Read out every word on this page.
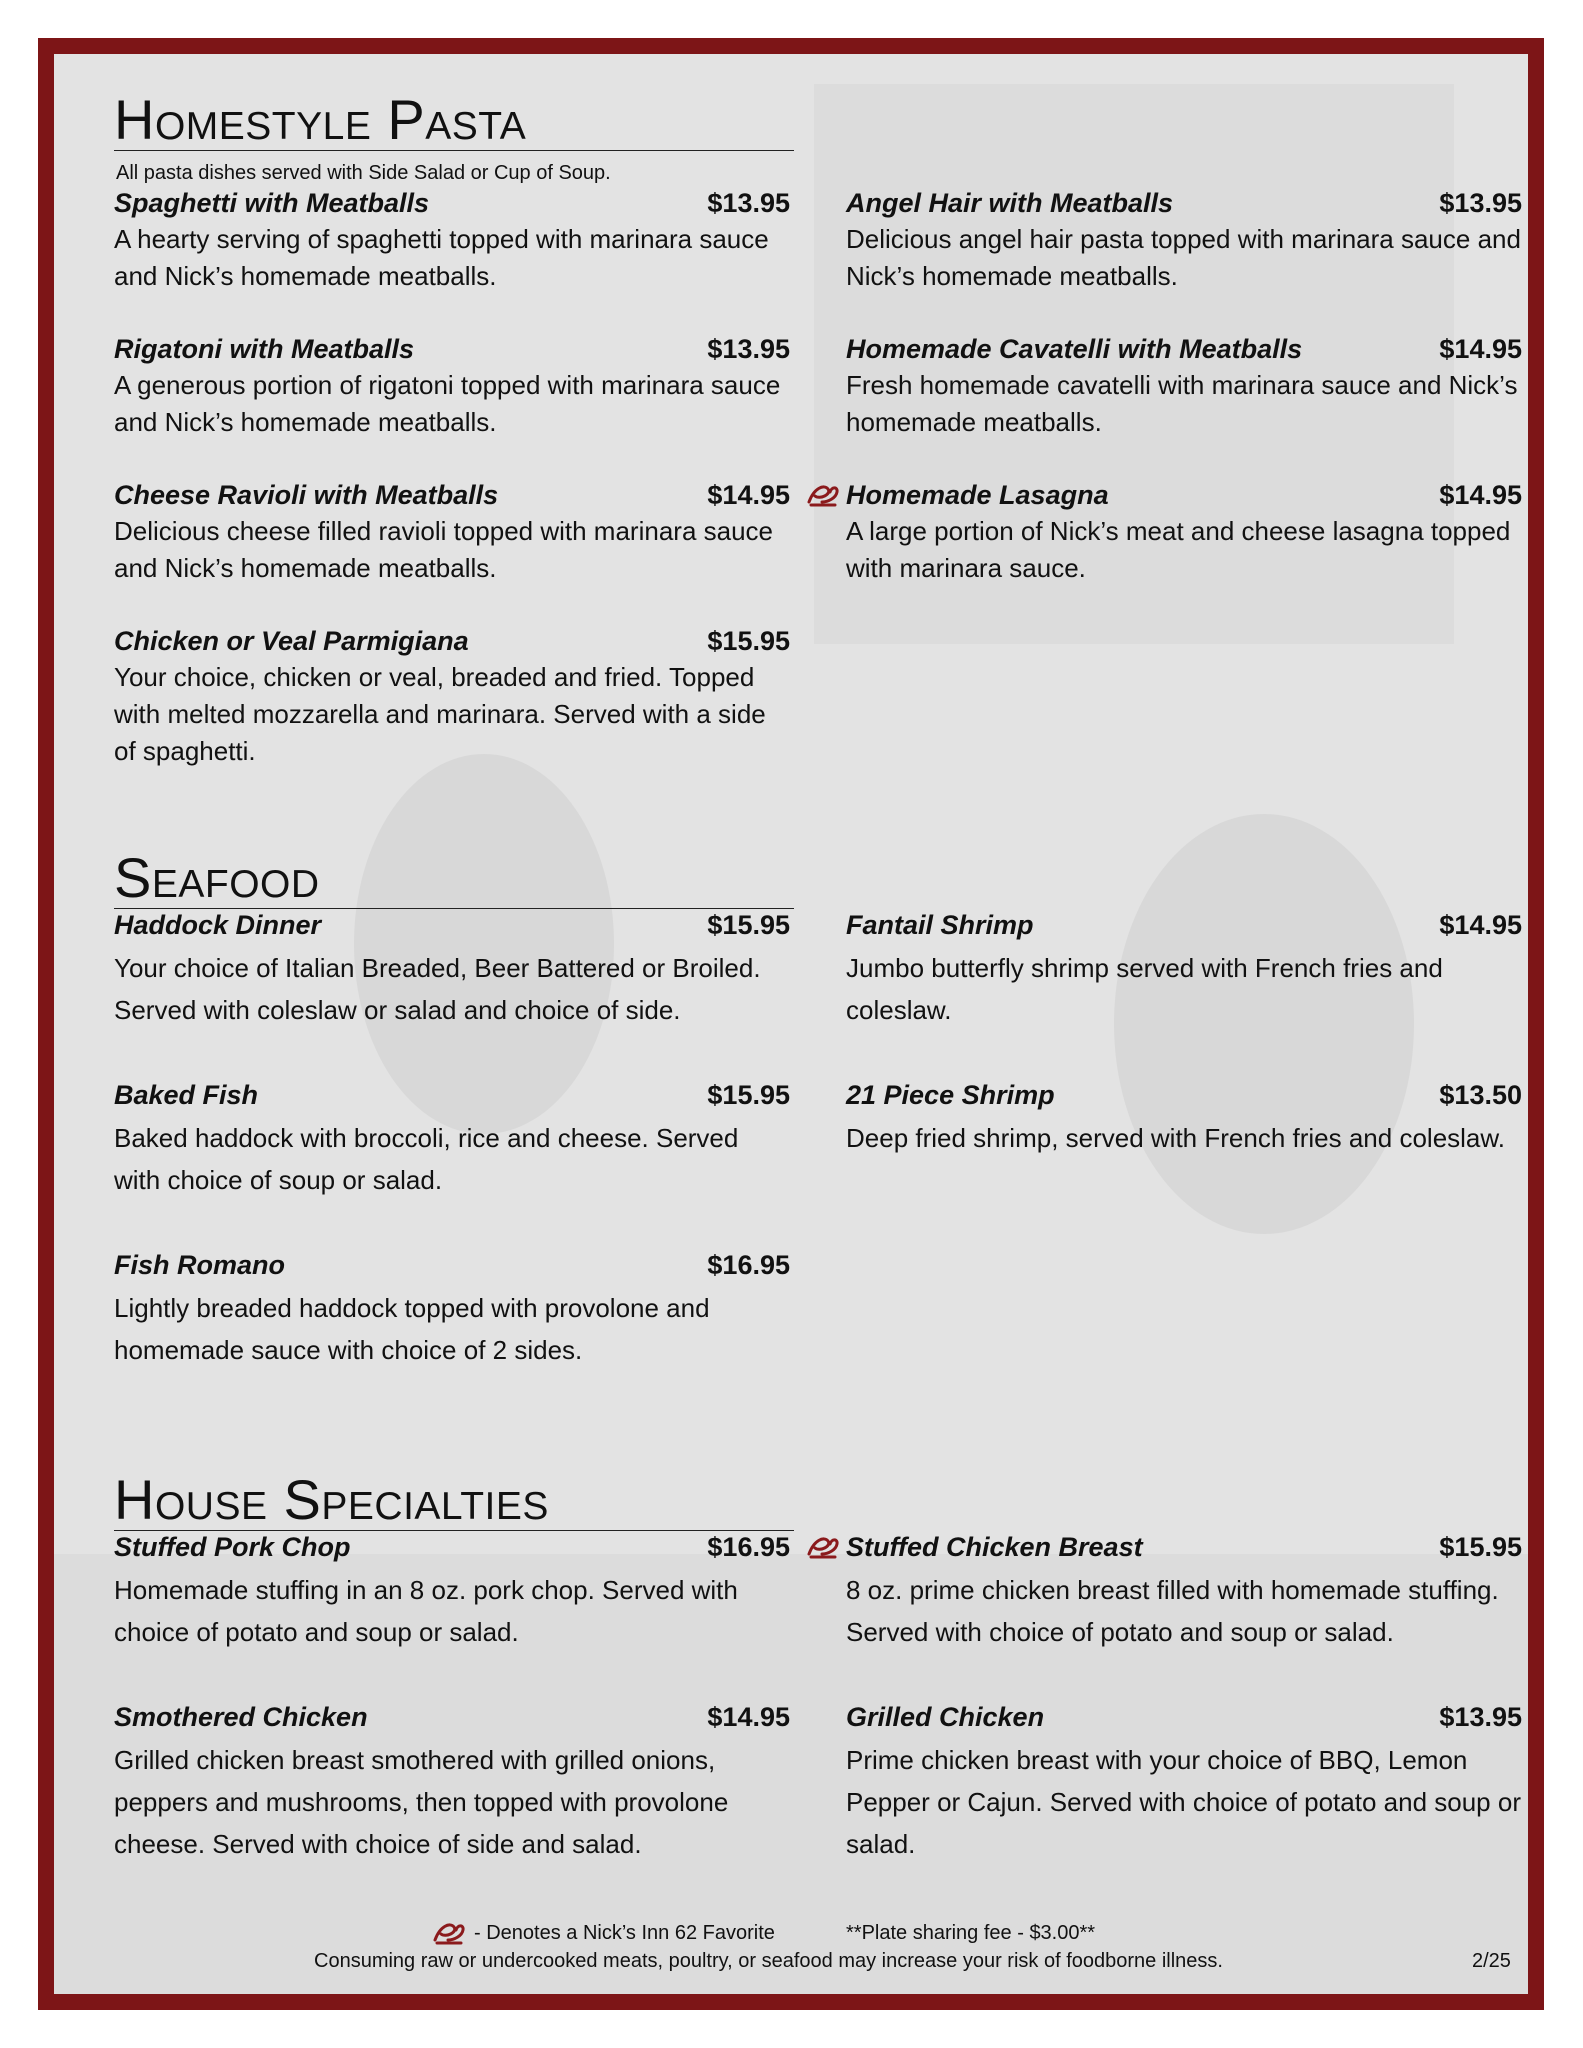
Homestyle Pasta
All pasta dishes served with Side Salad or Cup of Soup.
Spaghetti with Meatballs	$13.95
A hearty serving of spaghetti topped with marinara sauce and Nick’s homemade meatballs.
Angel Hair with Meatballs	$13.95
Delicious angel hair pasta topped with marinara sauce and Nick’s homemade meatballs.
Rigatoni with Meatballs	$13.95
A generous portion of rigatoni topped with marinara sauce and Nick’s homemade meatballs.
Homemade Cavatelli with Meatballs	$14.95
Fresh homemade cavatelli with marinara sauce and Nick’s homemade meatballs.
Cheese Ravioli with Meatballs	$14.95
Delicious cheese filled ravioli topped with marinara sauce and Nick’s homemade meatballs.
Homemade Lasagna	$14.95
A large portion of Nick’s meat and cheese lasagna topped with marinara sauce.
Chicken or Veal Parmigiana	$15.95
Your choice, chicken or veal, breaded and fried. Topped with melted mozzarella and marinara. Served with a side of spaghetti.
Seafood
Haddock Dinner	$15.95
Your choice of Italian Breaded, Beer Battered or Broiled. Served with coleslaw or salad and choice of side.
Fantail Shrimp	$14.95
Jumbo butterfly shrimp served with French fries and coleslaw.
Baked Fish	$15.95
Baked haddock with broccoli, rice and cheese. Served with choice of soup or salad.
21 Piece Shrimp	$13.50
Deep fried shrimp, served with French fries and coleslaw.
Fish Romano	$16.95
Lightly breaded haddock topped with provolone and homemade sauce with choice of 2 sides.
House Specialties
Stuffed Pork Chop	$16.95
Homemade stuffing in an 8 oz. pork chop. Served with choice of potato and soup or salad.
Stuffed Chicken Breast	$15.95
8 oz. prime chicken breast filled with homemade stuffing. Served with choice of potato and soup or salad.
Smothered Chicken	$14.95
Grilled chicken breast smothered with grilled onions, peppers and mushrooms, then topped with provolone cheese. Served with choice of side and salad.
Grilled Chicken	$13.95
Prime chicken breast with your choice of BBQ, Lemon Pepper or Cajun. Served with choice of potato and soup or salad.
- Denotes a Nick’s Inn 62 Favorite	**Plate sharing fee - $3.00**
Consuming raw or undercooked meats, poultry, or seafood may increase your risk of foodborne illness.	2/25
